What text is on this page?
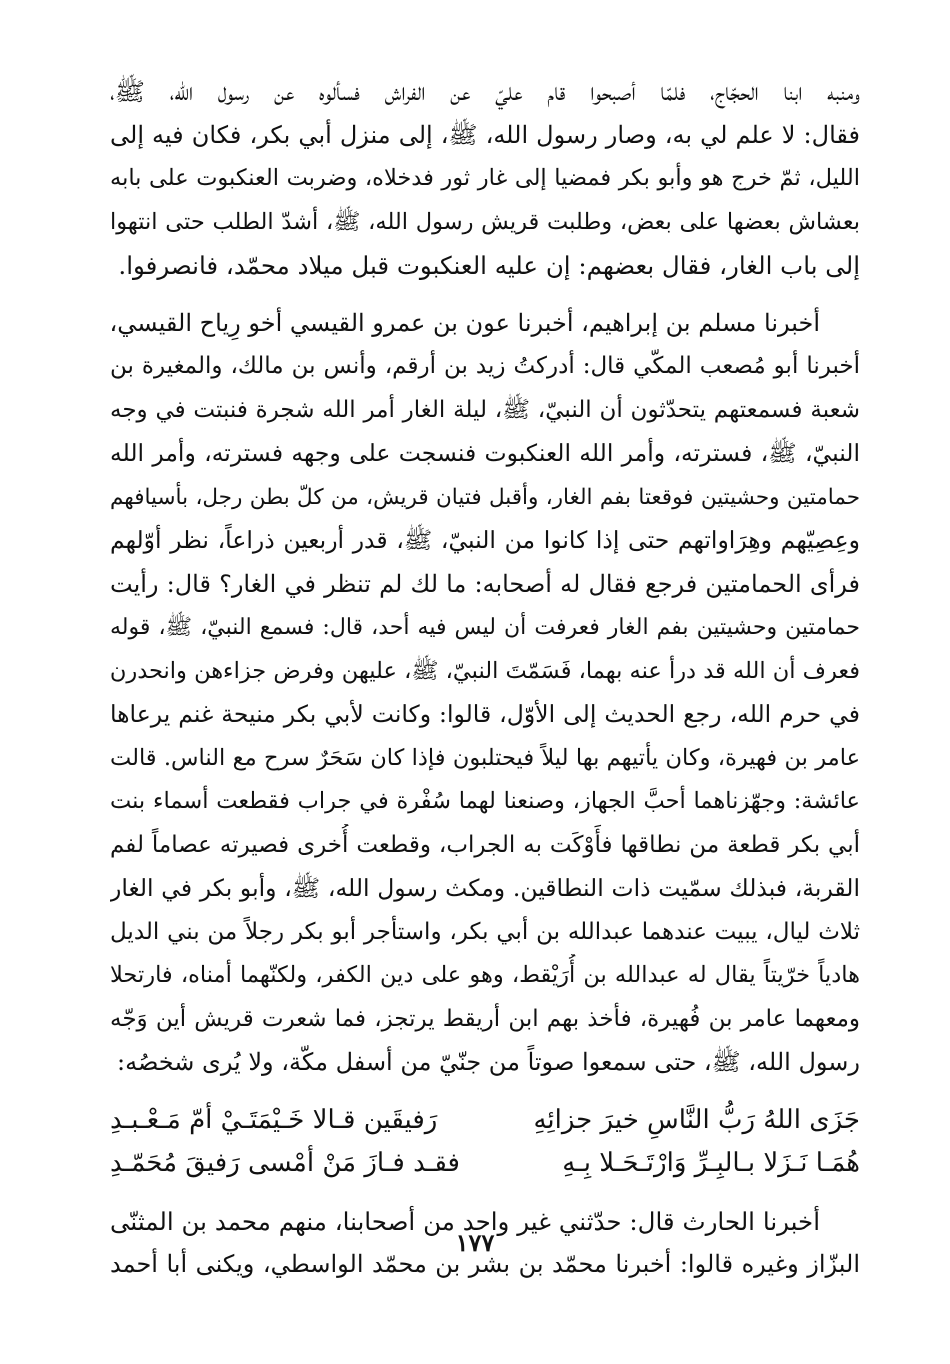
ومنبه ابنا الحجّاج، فلمّا أصبحوا قام عليّ عن الفراش فسألوه عن رسول الله، ﷺ،
فقال: لا علم لي به، وصار رسول الله، ﷺ، إلى منزل أبي بكر، فكان فيه إلى
الليل، ثمّ خرج هو وأبو بكر فمضيا إلى غار ثور فدخلاه، وضربت العنكبوت على بابه
بعشاش بعضها على بعض، وطلبت قريش رسول الله، ﷺ، أشدّ الطلب حتى انتهوا
إلى باب الغار، فقال بعضهم: إن عليه العنكبوت قبل ميلاد محمّد، فانصرفوا.
أخبرنا مسلم بن إبراهيم، أخبرنا عون بن عمرو القيسي أخو رِياح القيسي،
أخبرنا أبو مُصعب المكّي قال: أدركتُ زيد بن أرقم، وأنس بن مالك، والمغيرة بن
شعبة فسمعتهم يتحدّثون أن النبيّ، ﷺ، ليلة الغار أمر الله شجرة فنبتت في وجه
النبيّ، ﷺ، فسترته، وأمر الله العنكبوت فنسجت على وجهه فسترته، وأمر الله
حمامتين وحشيتين فوقعتا بفم الغار، وأقبل فتيان قريش، من كلّ بطن رجل، بأسيافهم
وعِصِيّهم وهِرَاواتهم حتى إذا كانوا من النبيّ، ﷺ، قدر أربعين ذراعاً، نظر أوّلهم
فرأى الحمامتين فرجع فقال له أصحابه: ما لك لم تنظر في الغار؟ قال: رأيت
حمامتين وحشيتين بفم الغار فعرفت أن ليس فيه أحد، قال: فسمع النبيّ، ﷺ، قوله
فعرف أن الله قد درأ عنه بهما، فَسَمّتَ النبيّ، ﷺ، عليهن وفرض جزاءهن وانحدرن
في حرم الله، رجع الحديث إلى الأوّل، قالوا: وكانت لأبي بكر منيحة غنم يرعاها
عامر بن فهيرة، وكان يأتيهم بها ليلاً فيحتلبون فإذا كان سَحَرٌ سرح مع الناس. قالت
عائشة: وجهّزناهما أحبَّ الجهاز، وصنعنا لهما سُفْرة في جراب فقطعت أسماء بنت
أبي بكر قطعة من نطاقها فأَوْكَت به الجراب، وقطعت أُخرى فصيرته عصاماً لفم
القربة، فبذلك سمّيت ذات النطاقين. ومكث رسول الله، ﷺ، وأبو بكر في الغار
ثلاث ليال، يبيت عندهما عبدالله بن أبي بكر، واستأجر أبو بكر رجلاً من بني الديل
هادياً خرّيتاً يقال له عبدالله بن أُرَيْقط، وهو على دين الكفر، ولكنّهما أمناه، فارتحلا
ومعهما عامر بن فُهيرة، فأخذ بهم ابن أريقط يرتجز، فما شعرت قريش أين وَجّه
رسول الله، ﷺ، حتى سمعوا صوتاً من جنّيّ من أسفل مكّة، ولا يُرى شخصُه:
جَزَى اللهُ رَبُّ النَّاسِ خيرَ جزائِهِ
رَفيقَين قـالا خَـيْمَتَـيْ أمّ مَـعْـبـدِ
هُمَـا نَـزَلا بـالبِـرِّ وَارْتَـحَـلا بِـهِ
فقـد فـازَ مَنْ أمْسى رَفيقَ مُحَمّـدِ
أخبرنا الحارث قال: حدّثني غير واحد من أصحابنا، منهم محمد بن المثنّى
البزّاز وغيره قالوا: أخبرنا محمّد بن بشر بن محمّد الواسطي، ويكنى أبا أحمد
١٧٧
